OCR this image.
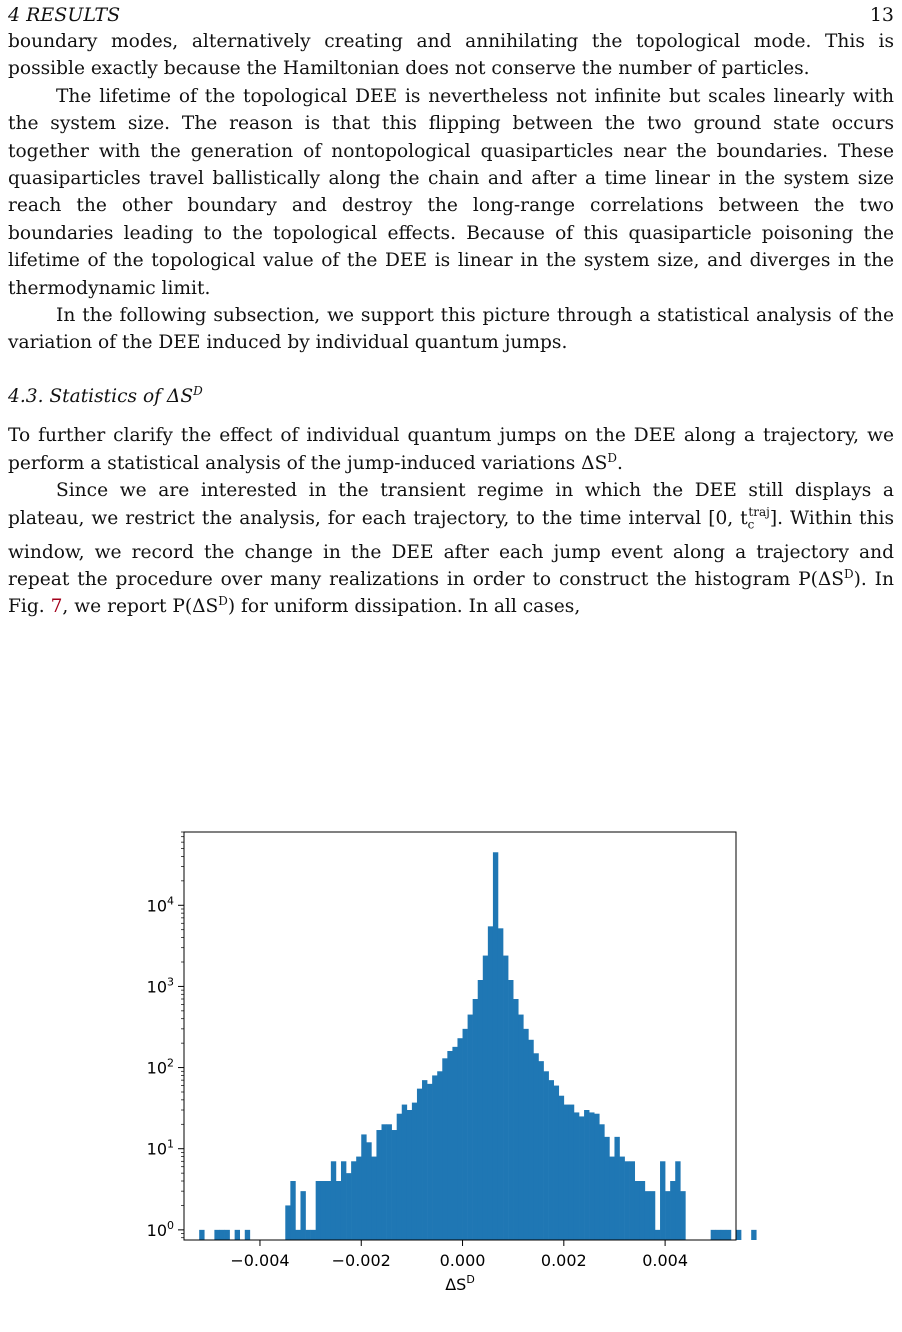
4 RESULTS	13

boundary modes, alternatively creating and annihilating the topological mode. This is possible exactly because the Hamiltonian does not conserve the number of particles.

The lifetime of the topological DEE is nevertheless not infinite but scales linearly with the system size. The reason is that this flipping between the two ground state occurs together with the generation of nontopological quasiparticles near the boundaries. These quasiparticles travel ballistically along the chain and after a time linear in the system size reach the other boundary and destroy the long-range correlations between the two boundaries leading to the topological effects. Because of this quasiparticle poisoning the lifetime of the topological value of the DEE is linear in the system size, and diverges in the thermodynamic limit.

In the following subsection, we support this picture through a statistical analysis of the variation of the DEE induced by individual quantum jumps.

4.3. Statistics of $\Delta S^D$

To further clarify the effect of individual quantum jumps on the DEE along a trajectory, we perform a statistical analysis of the jump-induced variations $\Delta S^D$.

Since we are interested in the transient regime in which the DEE still displays a plateau, we restrict the analysis, for each trajectory, to the time interval [0, $t_c^{traj}$]. Within this window, we record the change in the DEE after each jump event along a trajectory and repeat the procedure over many realizations in order to construct the histogram $P(\Delta S^D)$. In Fig. 7, we report $P(\Delta S^D)$ for uniform dissipation. In all cases,

−0.004	−0.002	0.000	0.002	0.004
$10^0$
$10^1$
$10^2$
$10^3$
$10^4$
$\Delta S^D$
